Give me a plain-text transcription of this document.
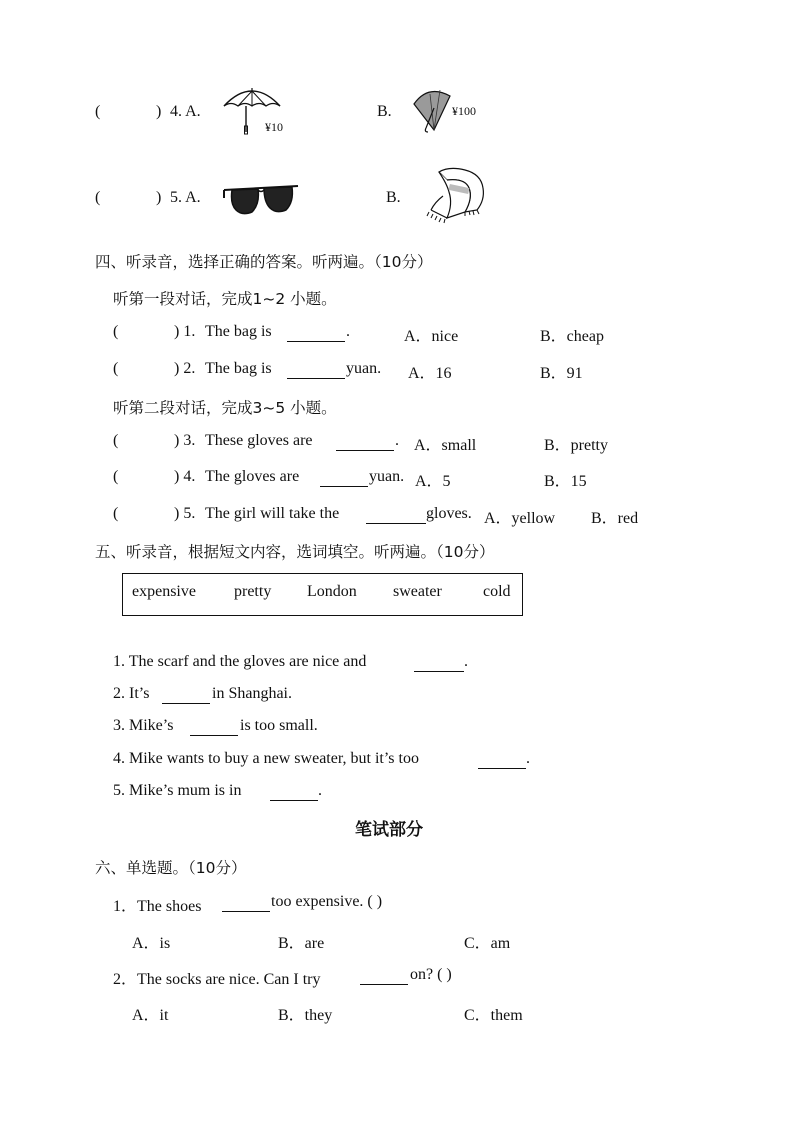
(	) 4. A.
¥10
B.	¥100
(	) 5. A.	B.
四、听录音，选择正确的答案。听两遍。（10分）
听第一段对话，完成1~2 小题。
(	) 1. The bag is	.	A．nice	B．cheap
(	) 2. The bag is	yuan. A．16	B．91
听第二段对话，完成3~5 小题。
(	) 3. These gloves are	. A．small	B．pretty
(	) 4. The gloves are	yuan. A．5	B．15
(	) 5. The girl will take the	gloves. A．yellow B．red
五、听录音，根据短文内容，选词填空。听两遍。（10分）
expensive pretty London sweater	cold
1. The scarf and the gloves are nice and	.
2. It’s	in Shanghai.
3. Mike’s	is too small.
4. Mike wants to buy a new sweater, but it’s too	.
5. Mike’s mum is in	.
笔试部分
六、单选题。（10分）
1．The shoes	too expensive. ( )
A．is	B．are	C．am
2．The socks are nice. Can I try	on? ( )
A．it	B．they	C．them
